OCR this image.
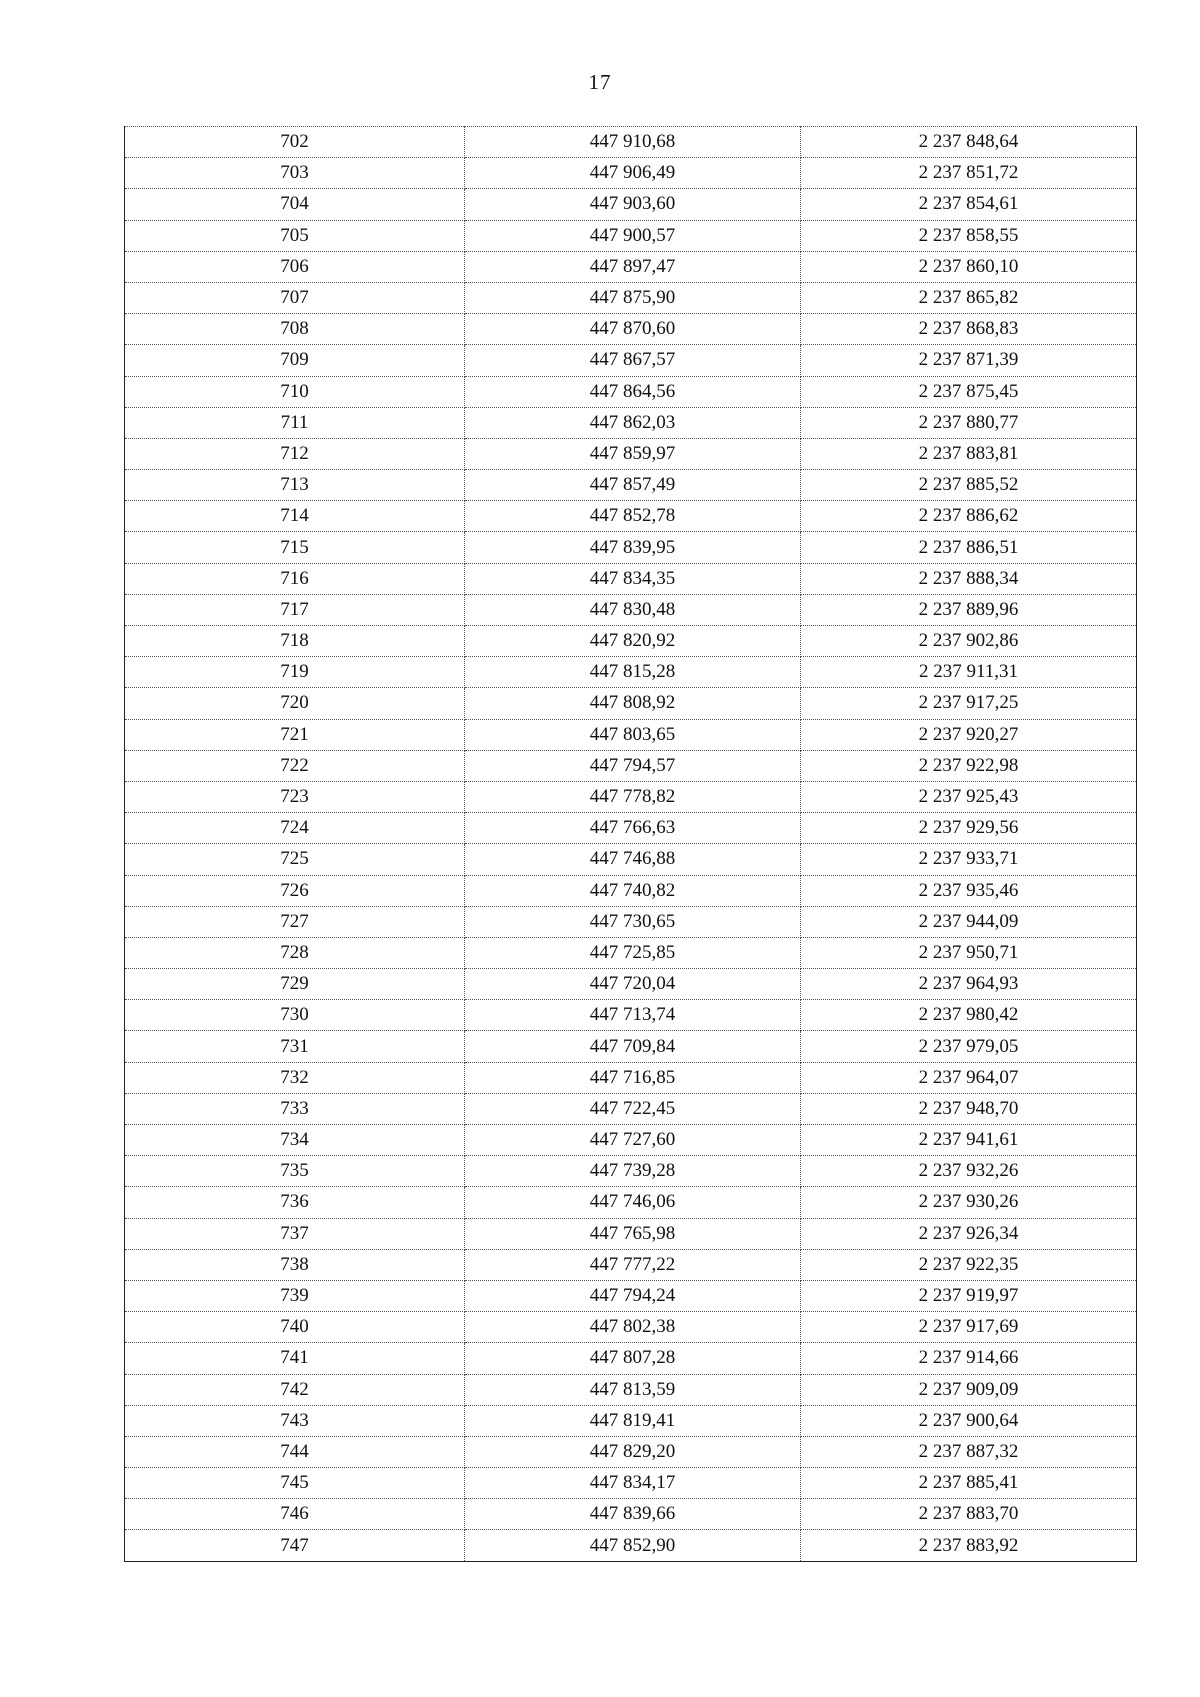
17
702	447 910,68	2 237 848,64
703	447 906,49	2 237 851,72
704	447 903,60	2 237 854,61
705	447 900,57	2 237 858,55
706	447 897,47	2 237 860,10
707	447 875,90	2 237 865,82
708	447 870,60	2 237 868,83
709	447 867,57	2 237 871,39
710	447 864,56	2 237 875,45
711	447 862,03	2 237 880,77
712	447 859,97	2 237 883,81
713	447 857,49	2 237 885,52
714	447 852,78	2 237 886,62
715	447 839,95	2 237 886,51
716	447 834,35	2 237 888,34
717	447 830,48	2 237 889,96
718	447 820,92	2 237 902,86
719	447 815,28	2 237 911,31
720	447 808,92	2 237 917,25
721	447 803,65	2 237 920,27
722	447 794,57	2 237 922,98
723	447 778,82	2 237 925,43
724	447 766,63	2 237 929,56
725	447 746,88	2 237 933,71
726	447 740,82	2 237 935,46
727	447 730,65	2 237 944,09
728	447 725,85	2 237 950,71
729	447 720,04	2 237 964,93
730	447 713,74	2 237 980,42
731	447 709,84	2 237 979,05
732	447 716,85	2 237 964,07
733	447 722,45	2 237 948,70
734	447 727,60	2 237 941,61
735	447 739,28	2 237 932,26
736	447 746,06	2 237 930,26
737	447 765,98	2 237 926,34
738	447 777,22	2 237 922,35
739	447 794,24	2 237 919,97
740	447 802,38	2 237 917,69
741	447 807,28	2 237 914,66
742	447 813,59	2 237 909,09
743	447 819,41	2 237 900,64
744	447 829,20	2 237 887,32
745	447 834,17	2 237 885,41
746	447 839,66	2 237 883,70
747	447 852,90	2 237 883,92
